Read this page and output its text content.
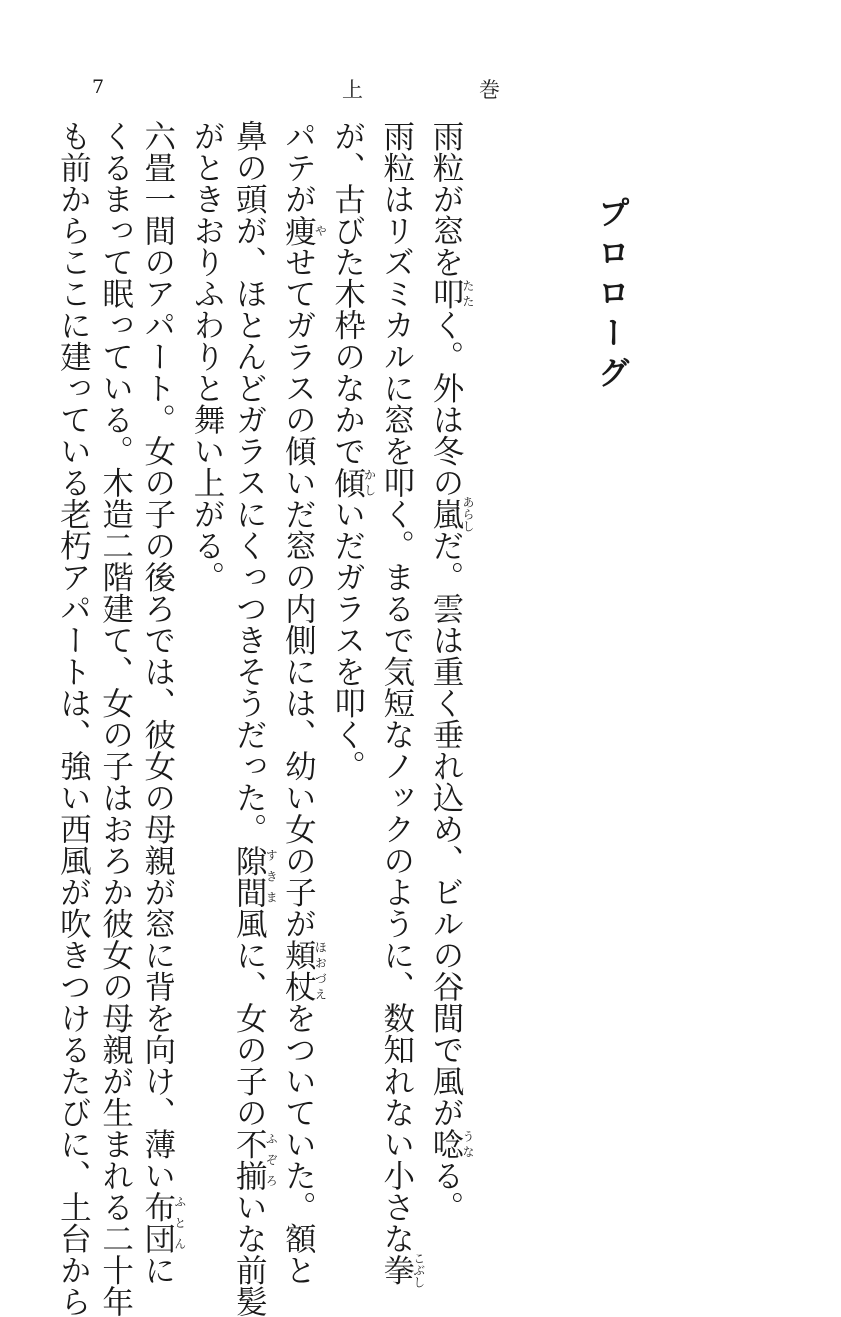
7	上	巻
プロローグ
雨粒が窓を叩たたく。外は冬の嵐あらしだ。雲は重く垂れ込め、ビルの谷間で風が唸うなる。
雨粒はリズミカルに窓を叩く。まるで気短なノックのように、数知れない小さな拳こぶし
が、古びた木枠のなかで傾かしいだガラスを叩く。
パテが痩やせてガラスの傾いだ窓の内側には、幼い女の子が頬杖ほおづえをついていた。額と
鼻の頭が、ほとんどガラスにくっつきそうだった。隙間すきま風に、女の子の不揃ふぞろいな前髪
がときおりふわりと舞い上がる。
六畳一間のアパート。女の子の後ろでは、彼女の母親が窓に背を向け、薄い布団ふとんに
くるまって眠っている。木造二階建て、女の子はおろか彼女の母親が生まれる二十年
も前からここに建っている老朽アパートは、強い西風が吹きつけるたびに、土台から
